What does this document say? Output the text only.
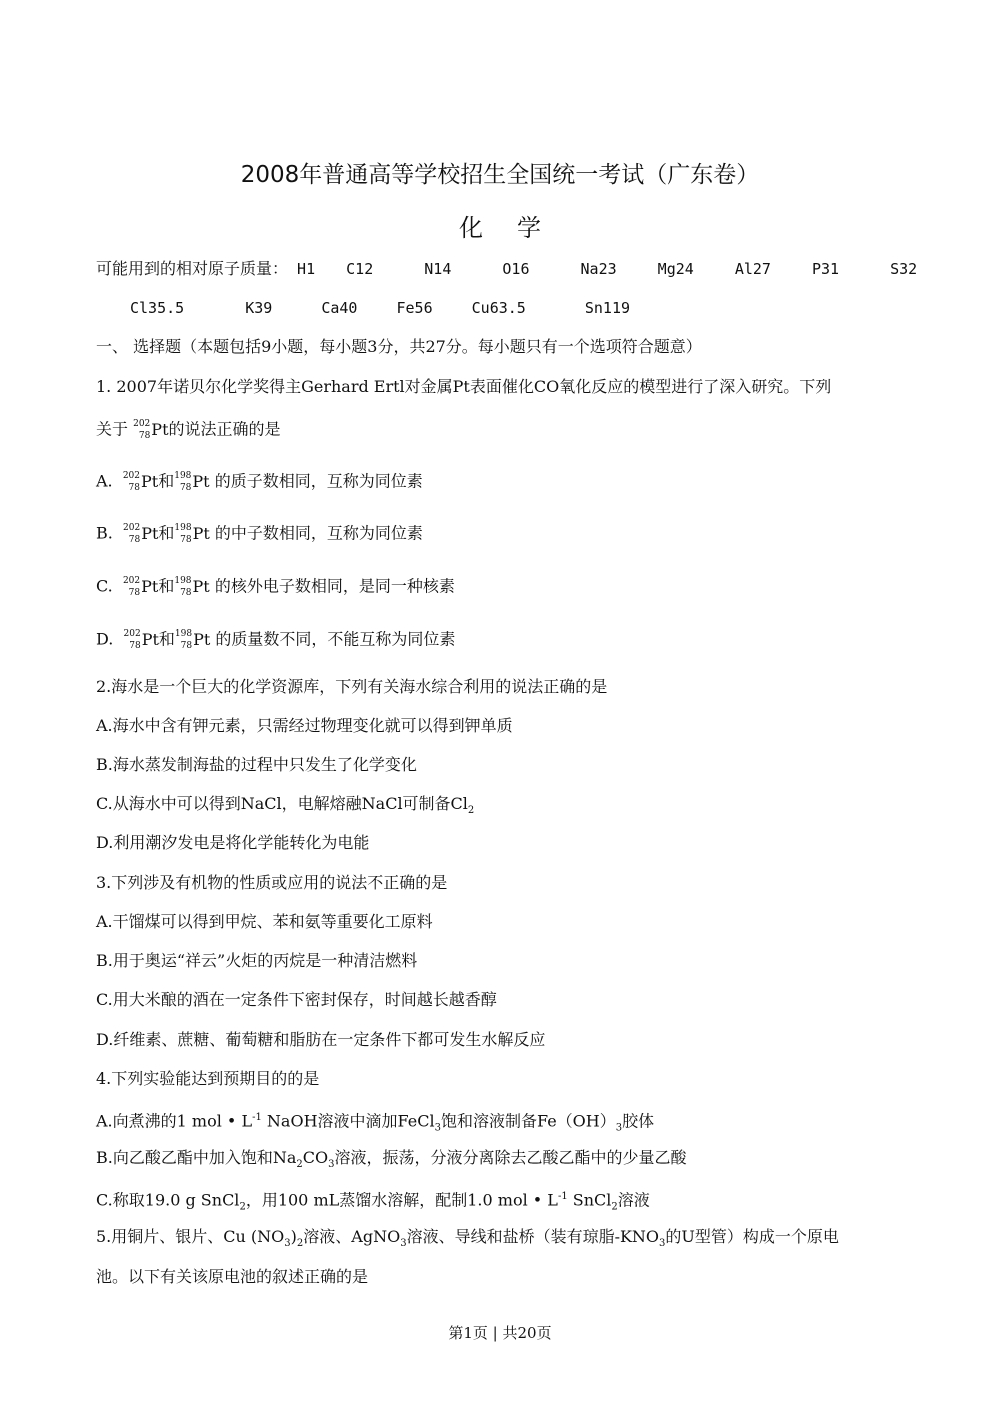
2008年普通高等学校招生全国统一考试（广东卷）
化学
可能用到的相对原子质量： H1 C12	N14	O16	Na23	Mg24	Al27	P31	S32
Cl35.5	K39	Ca40	Fe56	Cu63.5	Sn119
一、 选择题（本题包括9小题，每小题3分，共27分。每小题只有一个选项符合题意）
1. 2007年诺贝尔化学奖得主Gerhard Ertl对金属Pt表面催化CO氧化反应的模型进行了深入研究。下列
关于 202
78 Pt 的说法正确的是
A. 202
78 Pt 和 198
78 Pt 的质子数相同，互称为同位素
B. 202
78 Pt 和 198
78 Pt 的中子数相同，互称为同位素
C. 202
78 Pt 和 198
78 Pt 的核外电子数相同，是同一种核素
D. 202
78 Pt 和 198
78 Pt 的质量数不同，不能互称为同位素
2.海水是一个巨大的化学资源库，下列有关海水综合利用的说法正确的是
A.海水中含有钾元素，只需经过物理变化就可以得到钾单质
B.海水蒸发制海盐的过程中只发生了化学变化
C.从海水中可以得到NaCl，电解熔融NaCl可制备$Cl_2$
D.利用潮汐发电是将化学能转化为电能
3.下列涉及有机物的性质或应用的说法不正确的是
A.干馏煤可以得到甲烷、苯和氨等重要化工原料
B.用于奥运“祥云”火炬的丙烷是一种清洁燃料
C.用大米酿的酒在一定条件下密封保存，时间越长越香醇
D.纤维素、蔗糖、葡萄糖和脂肪在一定条件下都可发生水解反应
4.下列实验能达到预期目的的是
A.向煮沸的1 mol • $L^{-1}$ NaOH溶液中滴加FeCl$_3$饱和溶液制备$Fe(OH)_3$胶体
B.向乙酸乙酯中加入饱和$Na_2CO_3$溶液，振荡，分液分离除去乙酸乙酯中的少量乙酸
C.称取19.0 g SnCl$_2$，用100 mL蒸馏水溶解，配制1.0 mol • $L^{-1}$ SnCl$_2$溶液
5.用铜片、银片、Cu $(NO_3)_2$溶液、AgNO$_3$溶液、导线和盐桥（装有琼脂$-KNO_3$的U型管）构成一个原电
池。以下有关该原电池的叙述正确的是
第1页 | 共20页
